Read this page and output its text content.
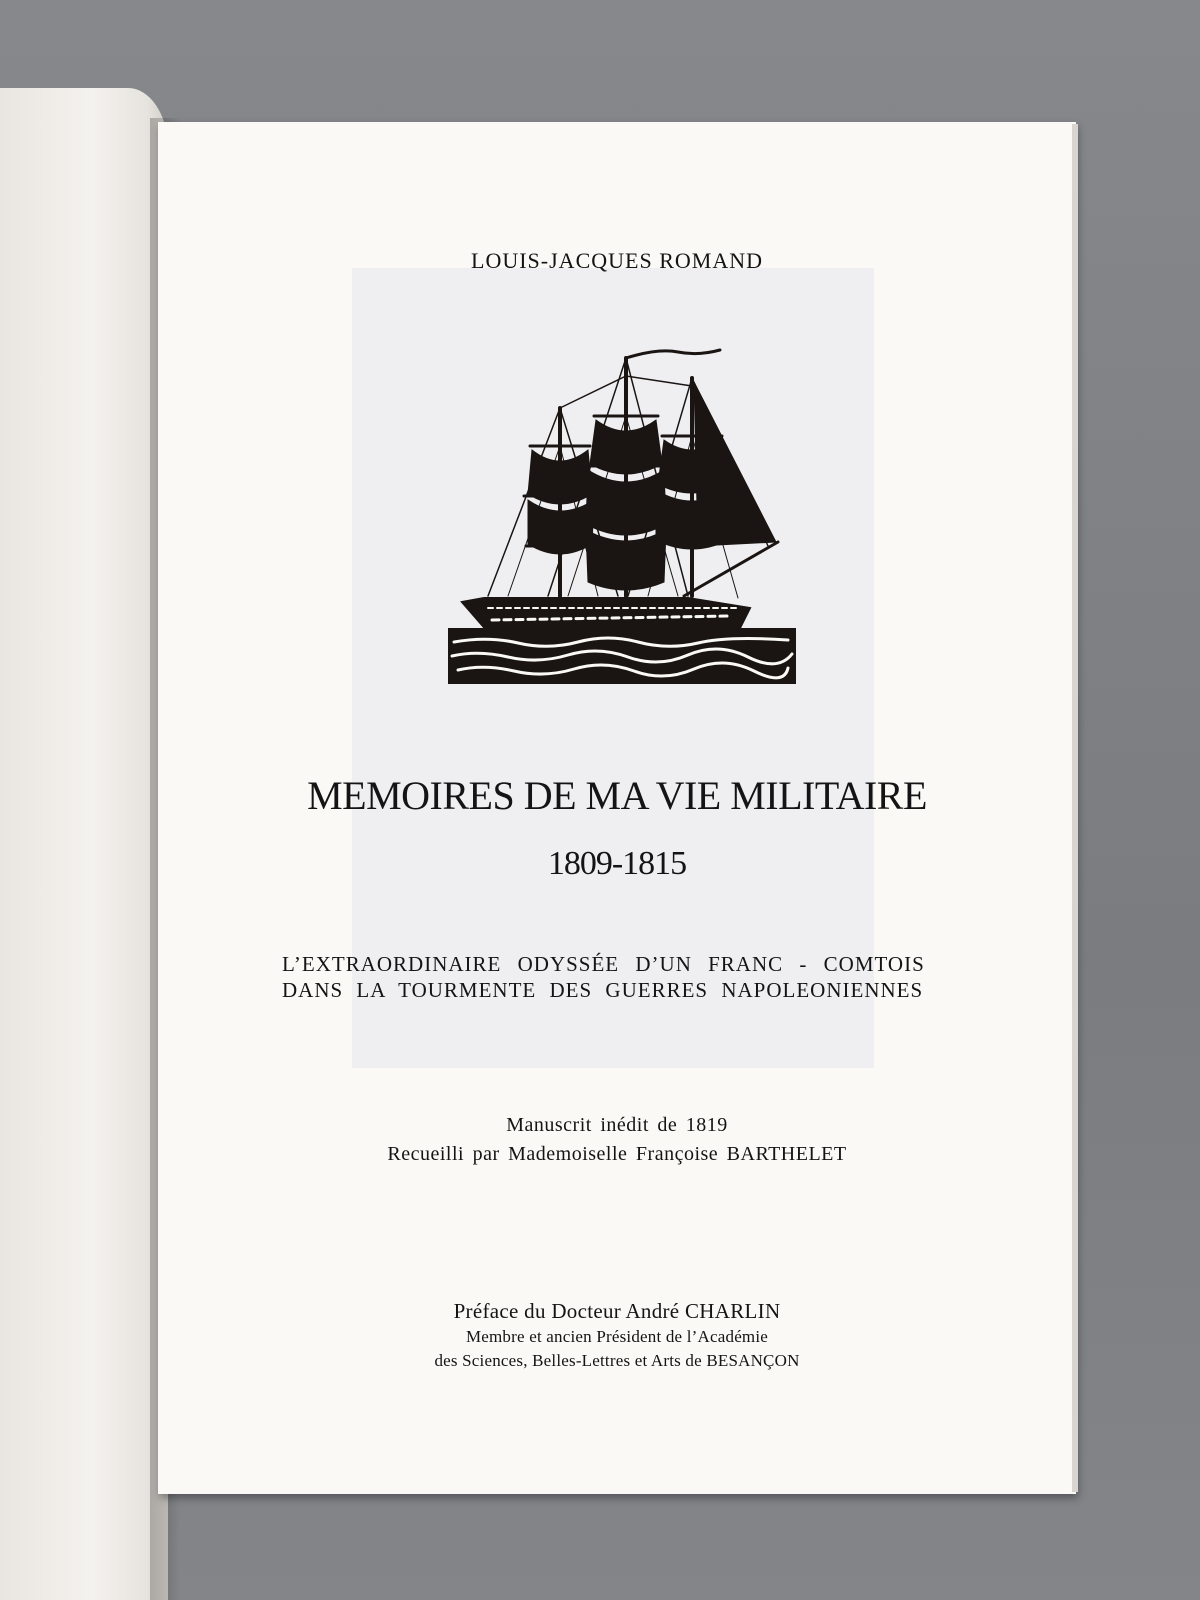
LOUIS-JACQUES ROMAND
MEMOIRES DE MA VIE MILITAIRE
1809-1815
L’EXTRAORDINAIRE ODYSSÉE D’UN FRANC - COMTOIS
DANS LA TOURMENTE DES GUERRES NAPOLEONIENNES
Manuscrit inédit de 1819
Recueilli par Mademoiselle Françoise BARTHELET
Préface du Docteur André CHARLIN
Membre et ancien Président de l’Académie
des Sciences, Belles-Lettres et Arts de BESANÇON
